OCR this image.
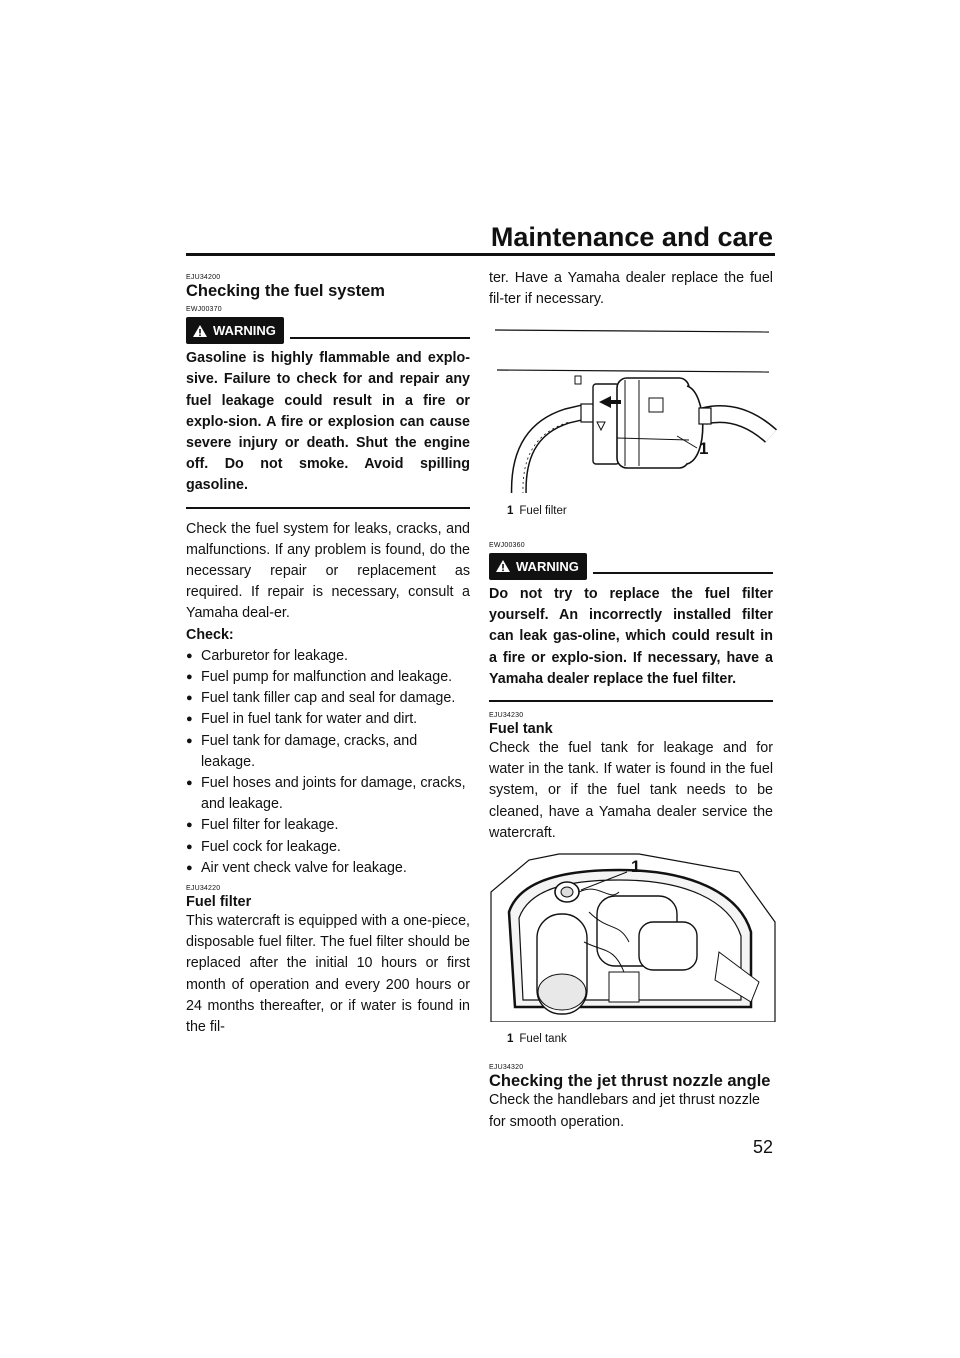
Maintenance and care
EJU34200
Checking the fuel system
EWJ00370
WARNING
Gasoline is highly flammable and explo-sive. Failure to check for and repair any fuel leakage could result in a fire or explo-sion. A fire or explosion can cause severe injury or death. Shut the engine off. Do not smoke. Avoid spilling gasoline.

Check the fuel system for leaks, cracks, and malfunctions. If any problem is found, do the necessary repair or replacement as required. If repair is necessary, consult a Yamaha deal-er.

Check:
● Carburetor for leakage.
● Fuel pump for malfunction and leakage.
● Fuel tank filler cap and seal for damage.
● Fuel in fuel tank for water and dirt.
● Fuel tank for damage, cracks, and leakage.
● Fuel hoses and joints for damage, cracks, and leakage.
● Fuel filter for leakage.
● Fuel cock for leakage.
● Air vent check valve for leakage.
EJU34220
Fuel filter

This watercraft is equipped with a one-piece, disposable fuel filter. The fuel filter should be replaced after the initial 10 hours or first month of operation and every 200 hours or 24 months thereafter, or if water is found in the fil-

ter. Have a Yamaha dealer replace the fuel fil-ter if necessary.

1
1 Fuel filter
EWJ00360
WARNING
Do not try to replace the fuel filter yourself. An incorrectly installed filter can leak gas-oline, which could result in a fire or explo-sion. If necessary, have a Yamaha dealer replace the fuel filter.
EJU34230
Fuel tank

Check the fuel tank for leakage and for water in the tank. If water is found in the fuel system, or if the fuel tank needs to be cleaned, have a Yamaha dealer service the watercraft.

1
1 Fuel tank
EJU34320
Checking the jet thrust nozzle angle

Check the handlebars and jet thrust nozzle for smooth operation.

52
